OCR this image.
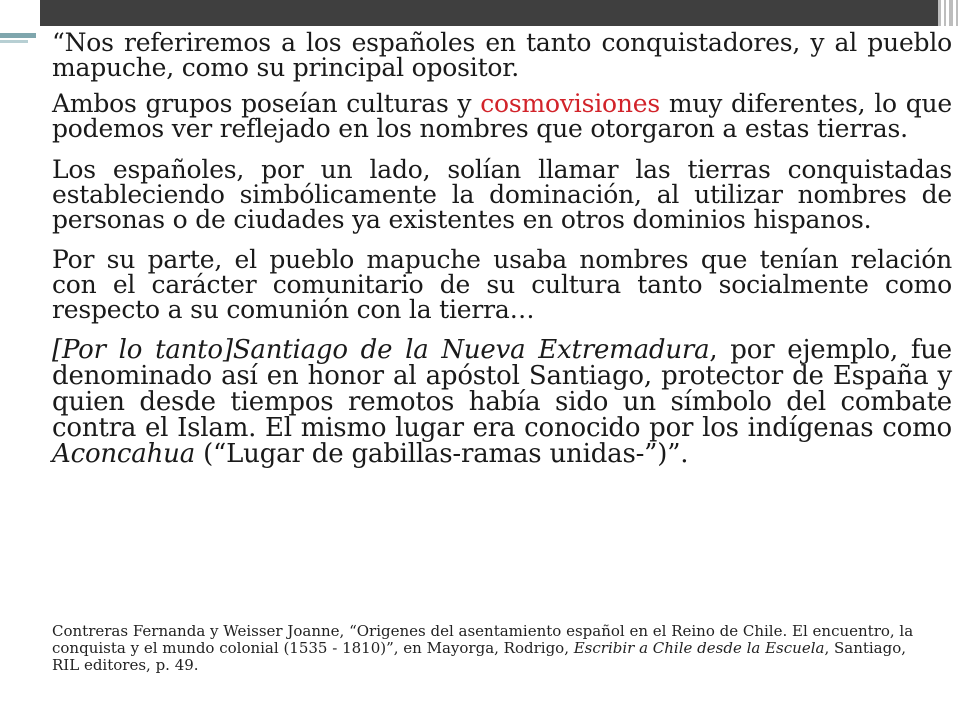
“Nos referiremos a los españoles en tanto conquistadores, y al pueblo mapuche, como su principal opositor.

Ambos grupos poseían culturas y cosmovisiones muy diferentes, lo que podemos ver reflejado en los nombres que otorgaron a estas tierras.

Los españoles, por un lado, solían llamar las tierras conquistadas estableciendo simbólicamente la dominación, al utilizar nombres de personas o de ciudades ya existentes en otros dominios hispanos.

Por su parte, el pueblo mapuche usaba nombres que tenían relación con el carácter comunitario de su cultura tanto socialmente como respecto a su comunión con la tierra…

[Por lo tanto]Santiago de la Nueva Extremadura, por ejemplo, fue denominado así en honor al apóstol Santiago, protector de España y quien desde tiempos remotos había sido un símbolo del combate contra el Islam. El mismo lugar era conocido por los indígenas como Aconcahua (“Lugar de gabillas-ramas unidas-”)”.

Contreras Fernanda y Weisser Joanne, “Origenes del asentamiento español en el Reino de Chile. El encuentro, la conquista y el mundo colonial (1535 - 1810)”, en Mayorga, Rodrigo, Escribir a Chile desde la Escuela, Santiago, RIL editores, p. 49.
